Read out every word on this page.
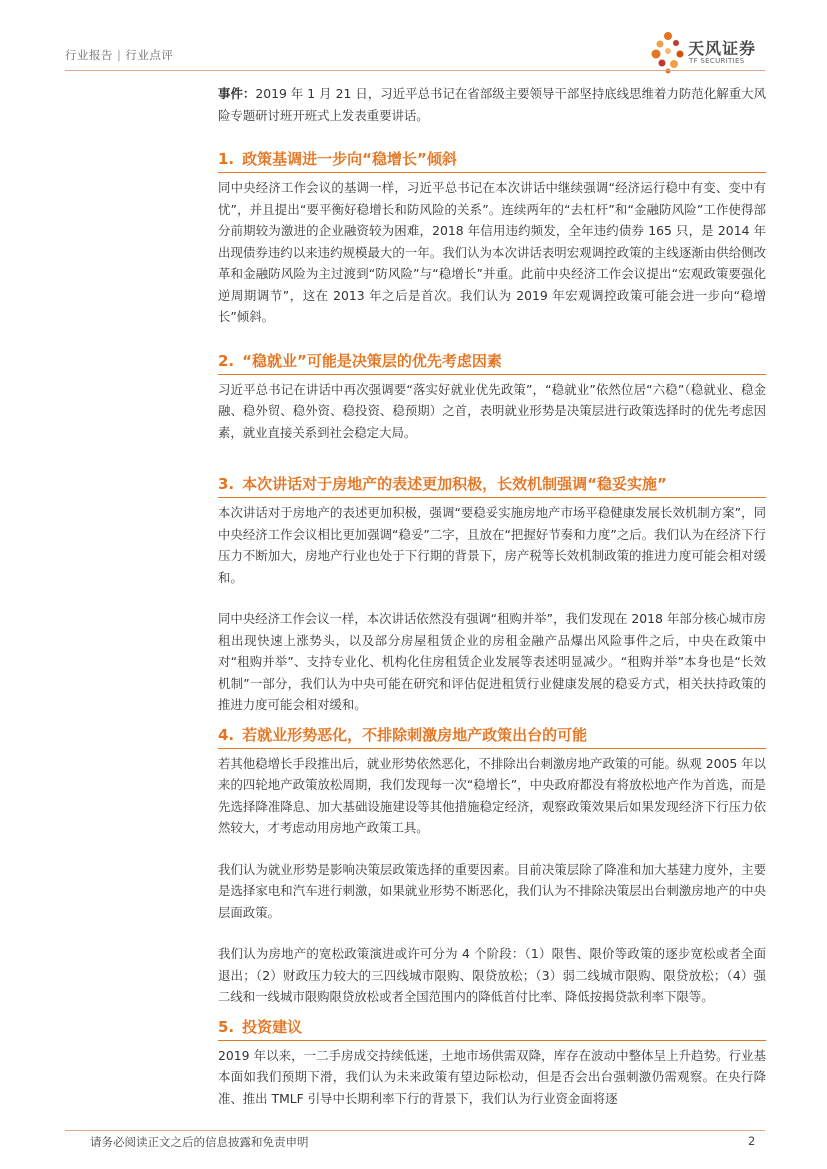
行业报告 | 行业点评	天风证券
TF SECURITIES

事件：2019 年 1 月 21 日，习近平总书记在省部级主要领导干部坚持底线思维着力防范化解重大风险专题研讨班开班式上发表重要讲话。

1. 政策基调进一步向“稳增长”倾斜

同中央经济工作会议的基调一样，习近平总书记在本次讲话中继续强调“经济运行稳中有变、变中有忧”，并且提出“要平衡好稳增长和防风险的关系”。连续两年的“去杠杆”和“金融防风险”工作使得部分前期较为激进的企业融资较为困难，2018 年信用违约频发，全年违约债券 165 只，是 2014 年出现债券违约以来违约规模最大的一年。我们认为本次讲话表明宏观调控政策的主线逐渐由供给侧改革和金融防风险为主过渡到“防风险”与“稳增长”并重。此前中央经济工作会议提出“宏观政策要强化逆周期调节”，这在 2013 年之后是首次。我们认为 2019 年宏观调控政策可能会进一步向“稳增长”倾斜。

2. “稳就业”可能是决策层的优先考虑因素

习近平总书记在讲话中再次强调要“落实好就业优先政策”，“稳就业”依然位居“六稳”（稳就业、稳金融、稳外贸、稳外资、稳投资、稳预期）之首，表明就业形势是决策层进行政策选择时的优先考虑因素，就业直接关系到社会稳定大局。

3. 本次讲话对于房地产的表述更加积极，长效机制强调“稳妥实施”

本次讲话对于房地产的表述更加积极，强调“要稳妥实施房地产市场平稳健康发展长效机制方案”，同中央经济工作会议相比更加强调“稳妥”二字，且放在“把握好节奏和力度”之后。我们认为在经济下行压力不断加大，房地产行业也处于下行期的背景下，房产税等长效机制政策的推进力度可能会相对缓和。

同中央经济工作会议一样，本次讲话依然没有强调“租购并举”，我们发现在 2018 年部分核心城市房租出现快速上涨势头，以及部分房屋租赁企业的房租金融产品爆出风险事件之后，中央在政策中对“租购并举”、支持专业化、机构化住房租赁企业发展等表述明显减少。“租购并举”本身也是“长效机制”一部分，我们认为中央可能在研究和评估促进租赁行业健康发展的稳妥方式，相关扶持政策的推进力度可能会相对缓和。

4. 若就业形势恶化，不排除刺激房地产政策出台的可能

若其他稳增长手段推出后，就业形势依然恶化，不排除出台刺激房地产政策的可能。纵观 2005 年以来的四轮地产政策放松周期，我们发现每一次“稳增长”，中央政府都没有将放松地产作为首选，而是先选择降准降息、加大基础设施建设等其他措施稳定经济，观察政策效果后如果发现经济下行压力依然较大，才考虑动用房地产政策工具。

我们认为就业形势是影响决策层政策选择的重要因素。目前决策层除了降准和加大基建力度外，主要是选择家电和汽车进行刺激，如果就业形势不断恶化，我们认为不排除决策层出台刺激房地产的中央层面政策。

我们认为房地产的宽松政策演进或许可分为 4 个阶段：（1）限售、限价等政策的逐步宽松或者全面退出；（2）财政压力较大的三四线城市限购、限贷放松；（3）弱二线城市限购、限贷放松；（4）强二线和一线城市限购限贷放松或者全国范围内的降低首付比率、降低按揭贷款利率下限等。

5. 投资建议

2019 年以来，一二手房成交持续低迷，土地市场供需双降，库存在波动中整体呈上升趋势。行业基本面如我们预期下滑，我们认为未来政策有望边际松动，但是否会出台强刺激仍需观察。在央行降准、推出 TMLF 引导中长期利率下行的背景下，我们认为行业资金面将逐

请务必阅读正文之后的信息披露和免责申明	2
